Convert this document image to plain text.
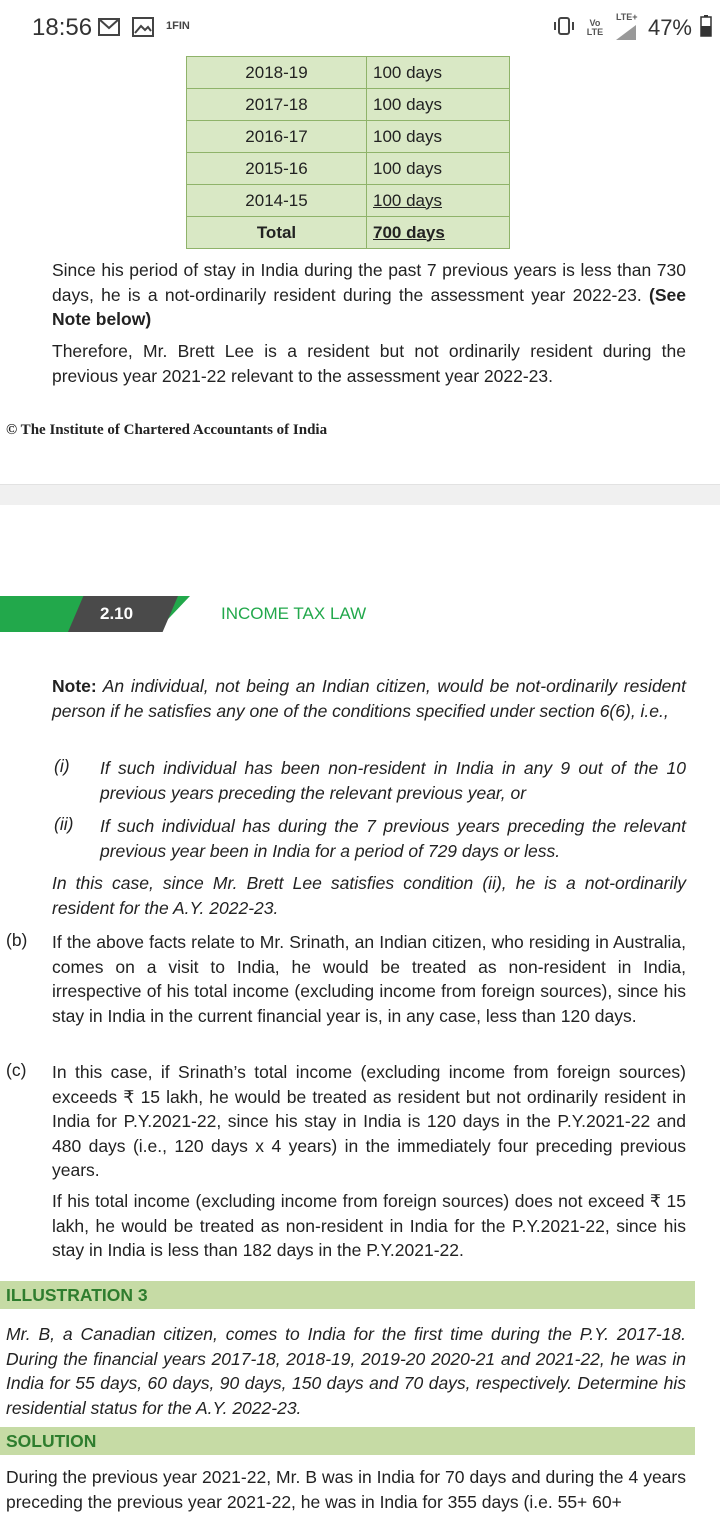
18:56	1FIN	Vo LTE
LTE+ 47%
2018-19	100 days
2017-18	100 days
2016-17	100 days
2015-16	100 days
2014-15	100 days
Total	700 days
Since his period of stay in India during the past 7 previous years is less than 730 days, he is a not-ordinarily resident during the assessment year 2022-23. (See Note below)
Therefore, Mr. Brett Lee is a resident but not ordinarily resident during the previous year 2021-22 relevant to the assessment year 2022-23.
© The Institute of Chartered Accountants of India
2.10	INCOME TAX LAW
Note: An individual, not being an Indian citizen, would be not-ordinarily resident person if he satisfies any one of the conditions specified under section 6(6), i.e.,
(i) If such individual has been non-resident in India in any 9 out of the 10 previous years preceding the relevant previous year, or
(ii) If such individual has during the 7 previous years preceding the relevant previous year been in India for a period of 729 days or less.
In this case, since Mr. Brett Lee satisfies condition (ii), he is a not-ordinarily resident for the A.Y. 2022-23.
(b) If the above facts relate to Mr. Srinath, an Indian citizen, who residing in Australia, comes on a visit to India, he would be treated as non-resident in India, irrespective of his total income (excluding income from foreign sources), since his stay in India in the current financial year is, in any case, less than 120 days.
(c) In this case, if Srinath’s total income (excluding income from foreign sources) exceeds ₹ 15 lakh, he would be treated as resident but not ordinarily resident in India for P.Y.2021-22, since his stay in India is 120 days in the P.Y.2021-22 and 480 days (i.e., 120 days x 4 years) in the immediately four preceding previous years.
If his total income (excluding income from foreign sources) does not exceed ₹ 15 lakh, he would be treated as non-resident in India for the P.Y.2021-22, since his stay in India is less than 182 days in the P.Y.2021-22.
ILLUSTRATION 3
Mr. B, a Canadian citizen, comes to India for the first time during the P.Y. 2017-18. During the financial years 2017-18, 2018-19, 2019-20 2020-21 and 2021-22, he was in India for 55 days, 60 days, 90 days, 150 days and 70 days, respectively. Determine his residential status for the A.Y. 2022-23.
SOLUTION
During the previous year 2021-22, Mr. B was in India for 70 days and during the 4 years preceding the previous year 2021-22, he was in India for 355 days (i.e. 55+ 60+
